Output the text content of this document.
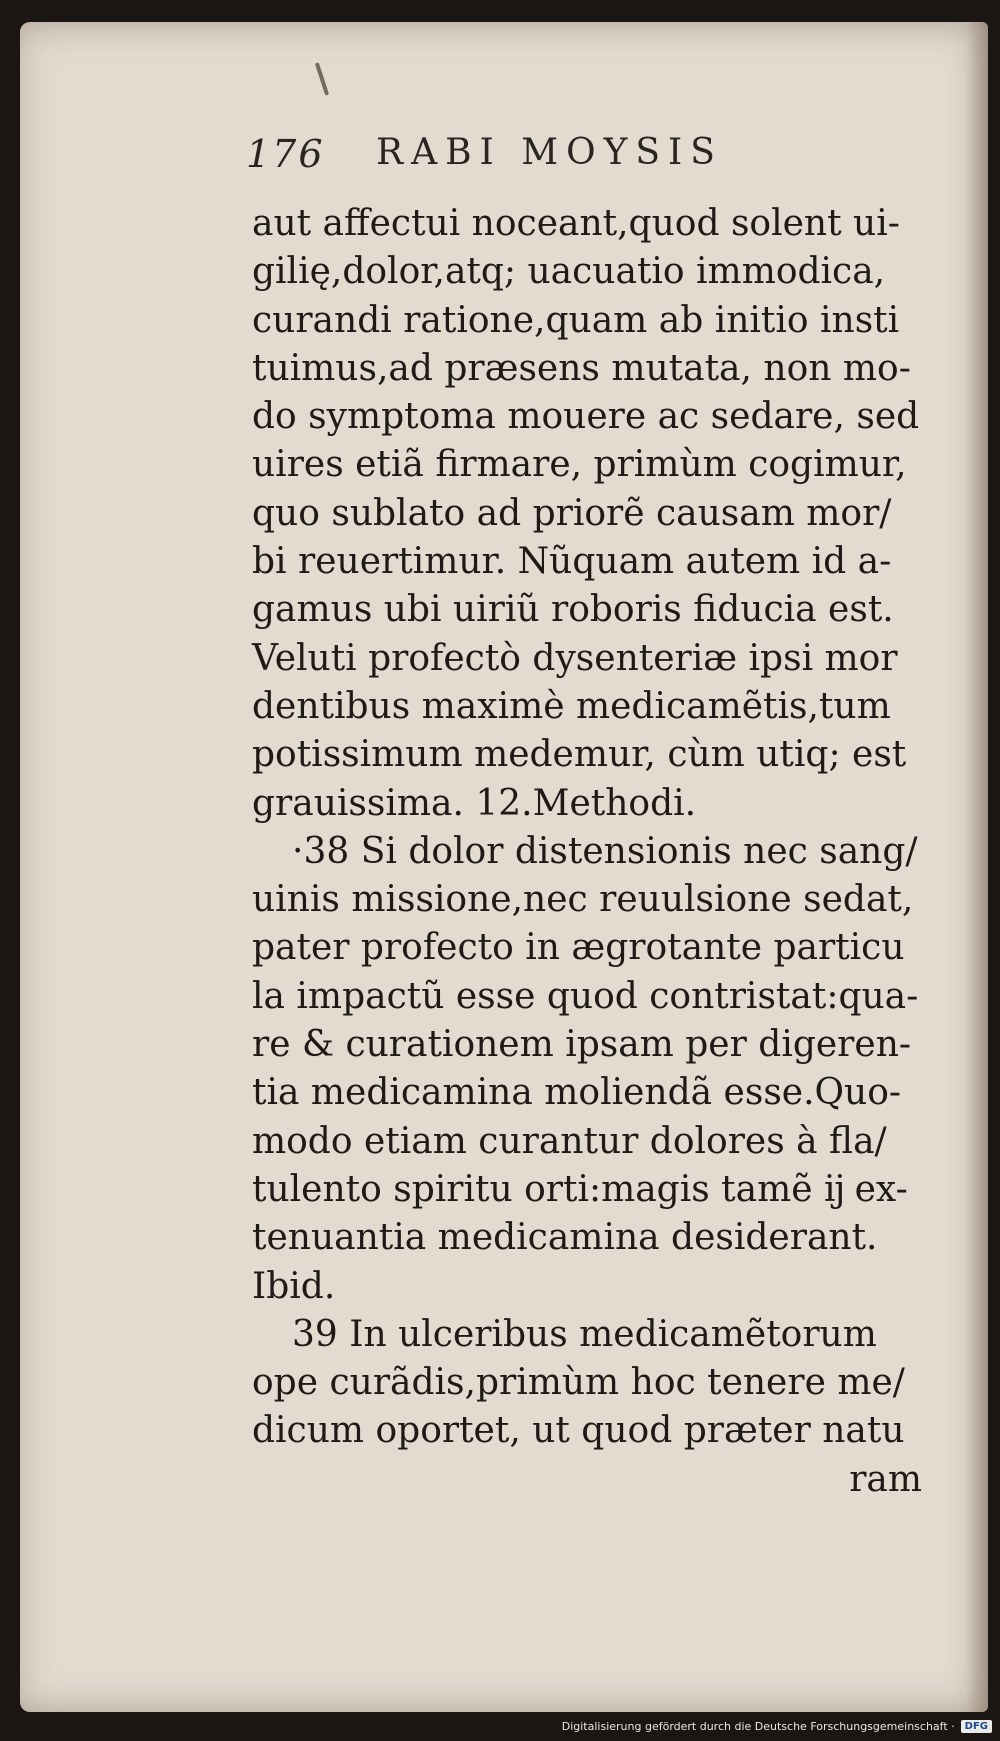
176 RABI MOYSIS
aut affectui noceant,quod solent ui-
gilię,dolor,atq; uacuatio immodica,
curandi ratione,quam ab initio insti
tuimus,ad præsens mutata, non mo-
do symptoma mouere ac sedare, sed
uires etiã firmare, primùm cogimur,
quo sublato ad priorẽ causam mor/
bi reuertimur. Nũquam autem id a-
gamus ubi uiriũ roboris fiducia est.
Veluti profectò dysenteriæ ipsi mor
dentibus maximè medicamẽtis,tum
potissimum medemur, cùm utiq; est
grauissima. 12.Methodi.
·38 Si dolor distensionis nec sang/
uinis missione,nec reuulsione sedat,
pater profecto in ægrotante particu
la impactũ esse quod contristat:qua-
re & curationem ipsam per digeren-
tia medicamina moliendã esse.Quo-
modo etiam curantur dolores à fla/
tulento spiritu orti:magis tamẽ ĳ ex-
tenuantia medicamina desiderant.
Ibid.
39 In ulceribus medicamẽtorum
ope curãdis,primùm hoc tenere me/
dicum oportet, ut quod præter natu
ram
Digitalisierung gefördert durch die Deutsche Forschungsgemeinschaft ·	DFG
